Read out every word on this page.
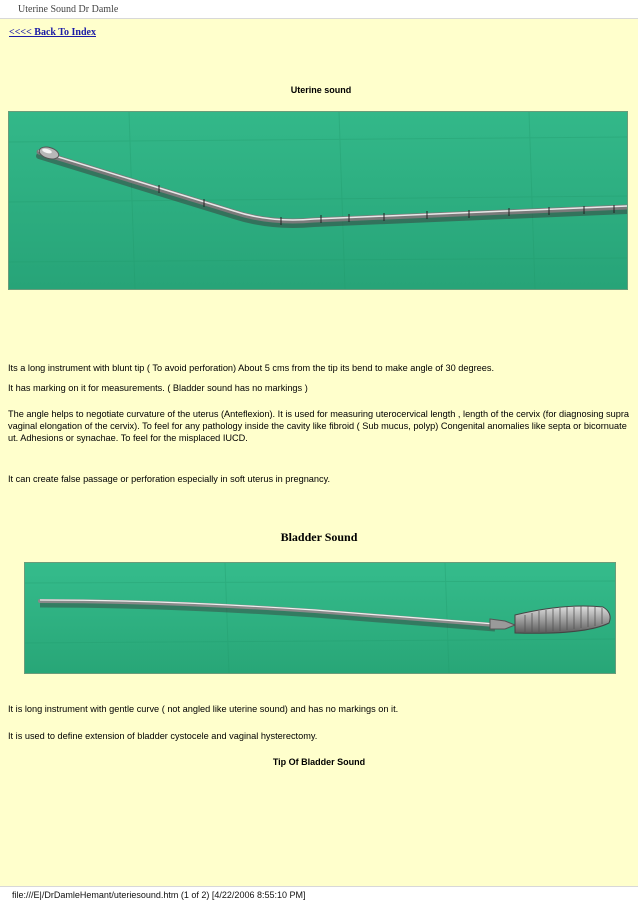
Uterine Sound Dr Damle
<<<< Back To Index
Uterine sound

Its a long instrument with blunt tip ( To avoid perforation) About 5 cms from the tip its bend to make angle of 30 degrees.

It has marking on it for measurements. ( Bladder sound has no markings )

The angle helps to negotiate curvature of the uterus (Anteflexion). It is used for measuring uterocervical length , length of the cervix (for diagnosing supra vaginal elongation of the cervix). To feel for any pathology inside the cavity like fibroid ( Sub mucus, polyp) Congenital anomalies like septa or bicornuate ut. Adhesions or synachae. To feel for the misplaced IUCD.

It can create false passage or perforation especially in soft uterus in pregnancy.

Bladder Sound

It is long instrument with gentle curve ( not angled like uterine sound) and has no markings on it.

It is used to define extension of bladder cystocele and vaginal hysterectomy.

Tip Of Bladder Sound
file:///E|/DrDamleHemant/uteriesound.htm (1 of 2) [4/22/2006 8:55:10 PM]
